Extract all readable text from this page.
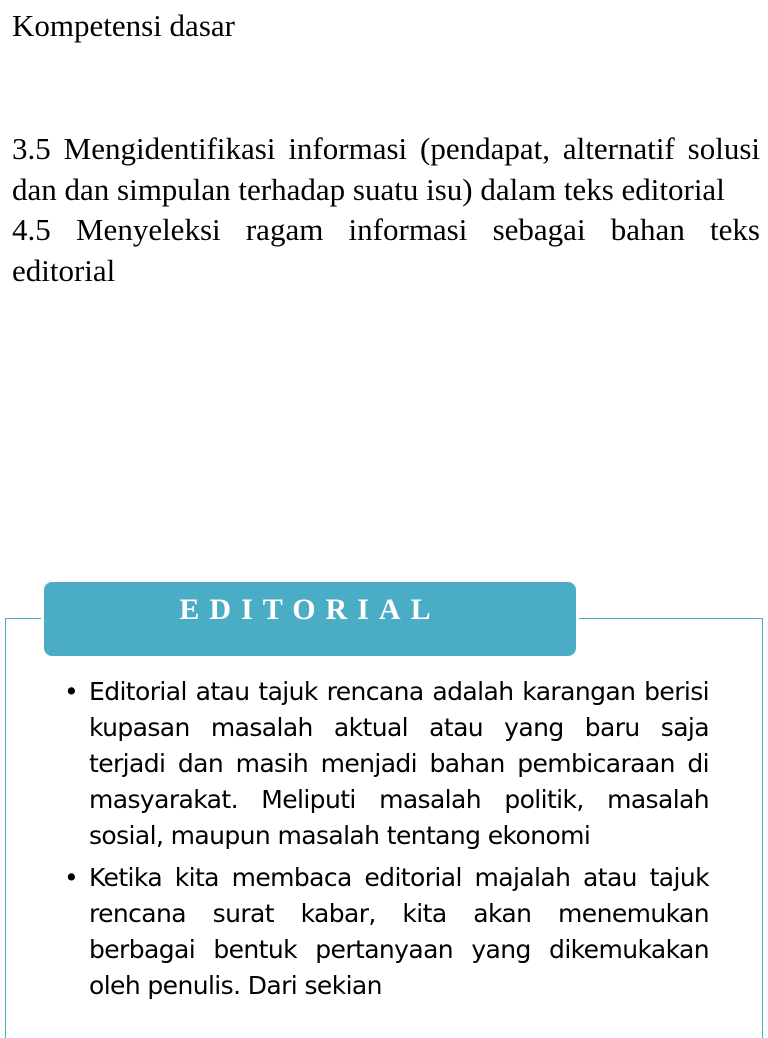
Kompetensi dasar

3.5 Mengidentifikasi informasi (pendapat, alternatif solusi dan dan simpulan terhadap suatu isu) dalam teks editorial

4.5 Menyeleksi ragam informasi sebagai bahan teks editorial

EDITORIAL
• Editorial atau tajuk rencana adalah karangan berisi kupasan masalah aktual atau yang baru saja terjadi dan masih menjadi bahan pembicaraan di masyarakat. Meliputi masalah politik, masalah sosial, maupun masalah tentang ekonomi
• Ketika kita membaca editorial majalah atau tajuk rencana surat kabar, kita akan menemukan berbagai bentuk pertanyaan yang dikemukakan oleh penulis. Dari sekian
